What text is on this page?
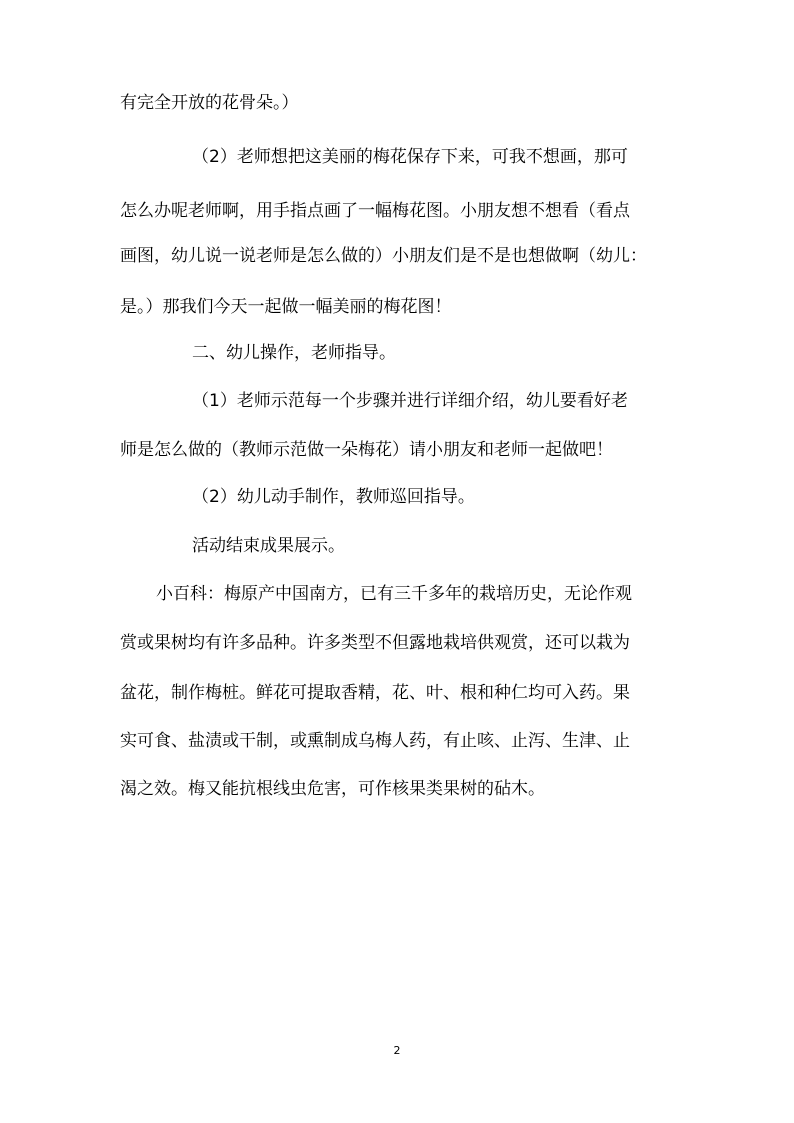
有完全开放的花骨朵。）
（2）老师想把这美丽的梅花保存下来，可我不想画，那可
怎么办呢老师啊，用手指点画了一幅梅花图。小朋友想不想看（看点
画图，幼儿说一说老师是怎么做的）小朋友们是不是也想做啊（幼儿：
是。）那我们今天一起做一幅美丽的梅花图！
二、幼儿操作，老师指导。
（1）老师示范每一个步骤并进行详细介绍，幼儿要看好老
师是怎么做的（教师示范做一朵梅花）请小朋友和老师一起做吧！
（2）幼儿动手制作，教师巡回指导。
活动结束成果展示。
小百科：梅原产中国南方，已有三千多年的栽培历史，无论作观
赏或果树均有许多品种。许多类型不但露地栽培供观赏，还可以栽为
盆花，制作梅桩。鲜花可提取香精，花、叶、根和种仁均可入药。果
实可食、盐渍或干制，或熏制成乌梅人药，有止咳、止泻、生津、止
渴之效。梅又能抗根线虫危害，可作核果类果树的砧木。
2
